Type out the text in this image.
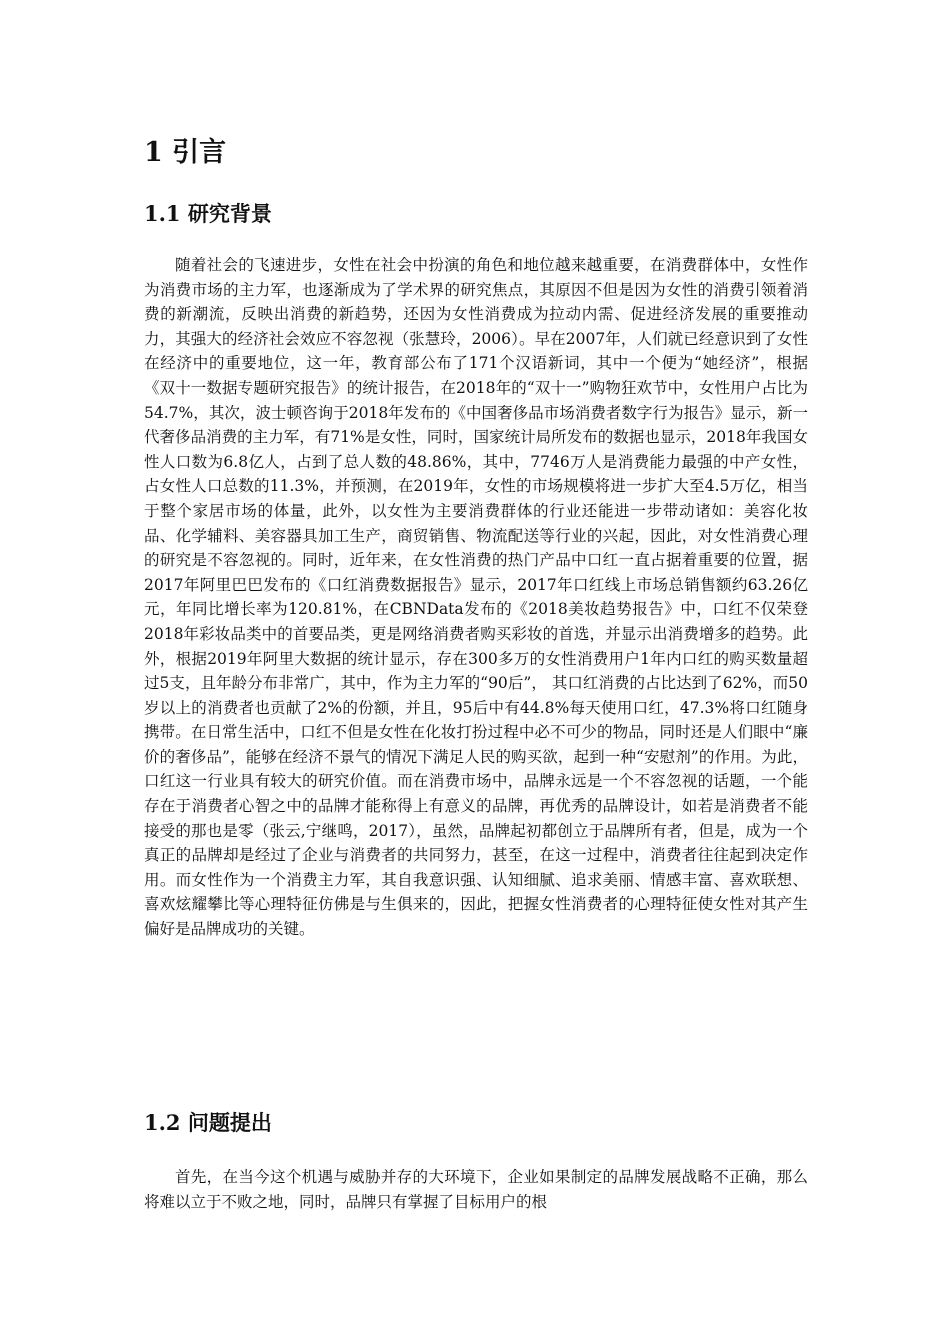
1 引言
1.1 研究背景

随着社会的飞速进步，女性在社会中扮演的角色和地位越来越重要，在消费群体中，女性作为消费市场的主力军，也逐渐成为了学术界的研究焦点，其原因不但是因为女性的消费引领着消费的新潮流，反映出消费的新趋势，还因为女性消费成为拉动内需、促进经济发展的重要推动力，其强大的经济社会效应不容忽视（张慧玲，2006）。早在2007年，人们就已经意识到了女性在经济中的重要地位，这一年，教育部公布了171个汉语新词，其中一个便为“她经济”，根据《双十一数据专题研究报告》的统计报告，在2018年的“双十一”购物狂欢节中，女性用户占比为54.7%，其次，波士顿咨询于2018年发布的《中国奢侈品市场消费者数字行为报告》显示，新一代奢侈品消费的主力军，有71%是女性，同时，国家统计局所发布的数据也显示，2018年我国女性人口数为6.8亿人，占到了总人数的48.86%，其中，7746万人是消费能力最强的中产女性，占女性人口总数的11.3%，并预测，在2019年，女性的市场规模将进一步扩大至4.5万亿，相当于整个家居市场的体量，此外，以女性为主要消费群体的行业还能进一步带动诸如：美容化妆品、化学辅料、美容器具加工生产，商贸销售、物流配送等行业的兴起，因此，对女性消费心理的研究是不容忽视的。同时，近年来，在女性消费的热门产品中口红一直占据着重要的位置，据2017年阿里巴巴发布的《口红消费数据报告》显示，2017年口红线上市场总销售额约63.26亿元，年同比增长率为120.81%，在CBNData发布的《2018美妆趋势报告》中，口红不仅荣登2018年彩妆品类中的首要品类，更是网络消费者购买彩妆的首选，并显示出消费增多的趋势。此外，根据2019年阿里大数据的统计显示，存在300多万的女性消费用户1年内口红的购买数量超过5支，且年龄分布非常广，其中，作为主力军的“90后”， 其口红消费的占比达到了62%，而50岁以上的消费者也贡献了2%的份额，并且，95后中有44.8%每天使用口红，47.3%将口红随身携带。在日常生活中，口红不但是女性在化妆打扮过程中必不可少的物品，同时还是人们眼中“廉价的奢侈品”，能够在经济不景气的情况下满足人民的购买欲，起到一种“安慰剂”的作用。为此，口红这一行业具有较大的研究价值。而在消费市场中，品牌永远是一个不容忽视的话题，一个能存在于消费者心智之中的品牌才能称得上有意义的品牌，再优秀的品牌设计，如若是消费者不能接受的那也是零（张云,宁继鸣，2017），虽然，品牌起初都创立于品牌所有者，但是，成为一个真正的品牌却是经过了企业与消费者的共同努力，甚至，在这一过程中，消费者往往起到决定作用。而女性作为一个消费主力军，其自我意识强、认知细腻、追求美丽、情感丰富、喜欢联想、喜欢炫耀攀比等心理特征仿佛是与生俱来的，因此，把握女性消费者的心理特征使女性对其产生偏好是品牌成功的关键。

1.2 问题提出

首先，在当今这个机遇与威胁并存的大环境下，企业如果制定的品牌发展战略不正确，那么将难以立于不败之地，同时，品牌只有掌握了目标用户的根
